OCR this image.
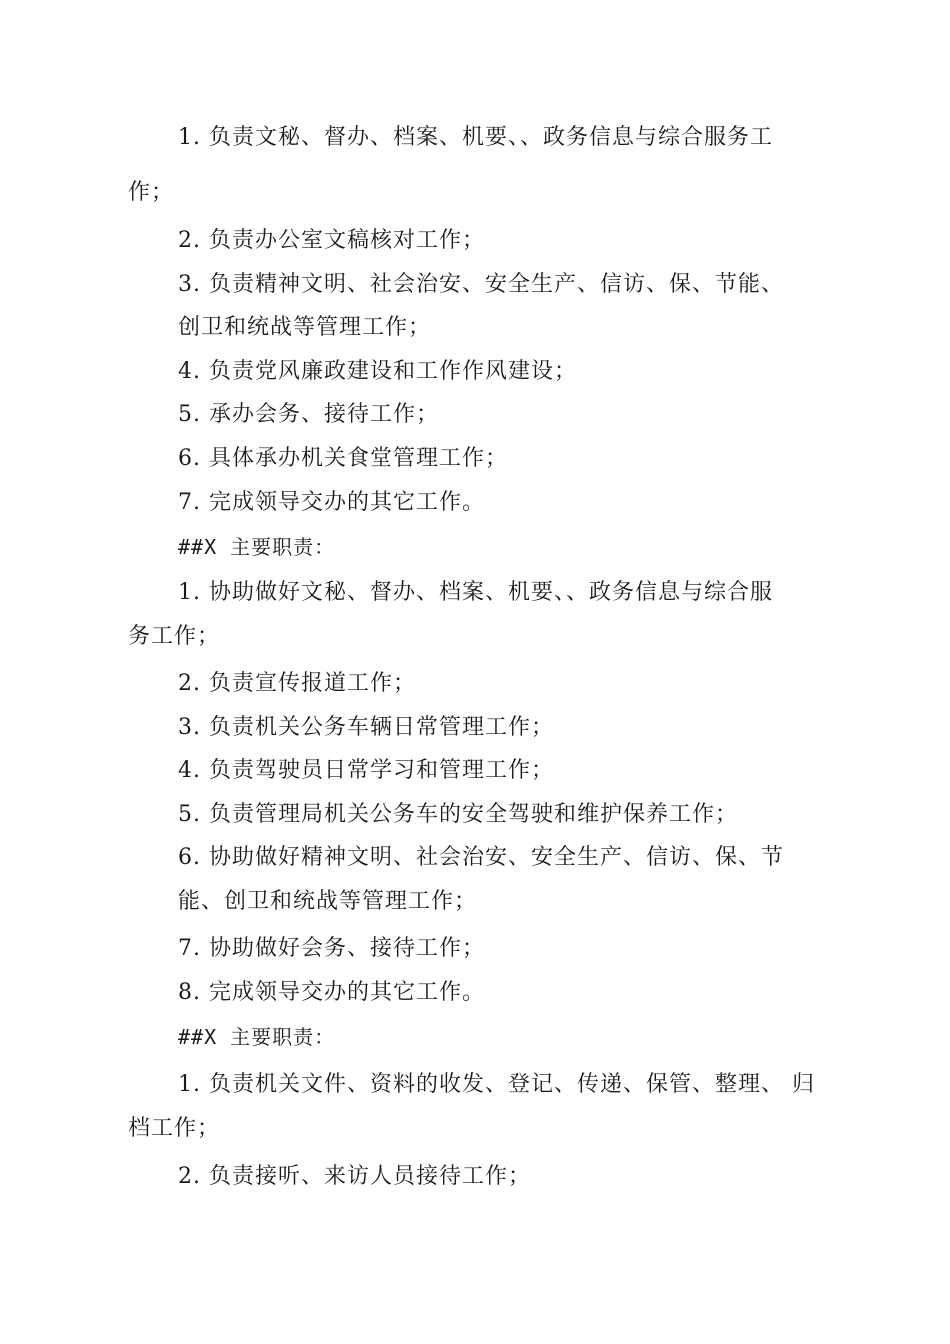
1. 负责文秘、督办、档案、机要、、政务信息与综合服务工
作；
2. 负责办公室文稿核对工作；
3. 负责精神文明、社会治安、安全生产、信访、保、节能、
创卫和统战等管理工作；
4. 负责党风廉政建设和工作作风建设；
5. 承办会务、接待工作；
6. 具体承办机关食堂管理工作；
7. 完成领导交办的其它工作。
##X 主要职责：
1. 协助做好文秘、督办、档案、机要、、政务信息与综合服
务工作；
2. 负责宣传报道工作；
3. 负责机关公务车辆日常管理工作；
4. 负责驾驶员日常学习和管理工作；
5. 负责管理局机关公务车的安全驾驶和维护保养工作；
6. 协助做好精神文明、社会治安、安全生产、信访、保、节
能、创卫和统战等管理工作；
7. 协助做好会务、接待工作；
8. 完成领导交办的其它工作。
##X 主要职责：
1. 负责机关文件、资料的收发、登记、传递、保管、整理、 归
档工作；
2. 负责接听、来访人员接待工作；
